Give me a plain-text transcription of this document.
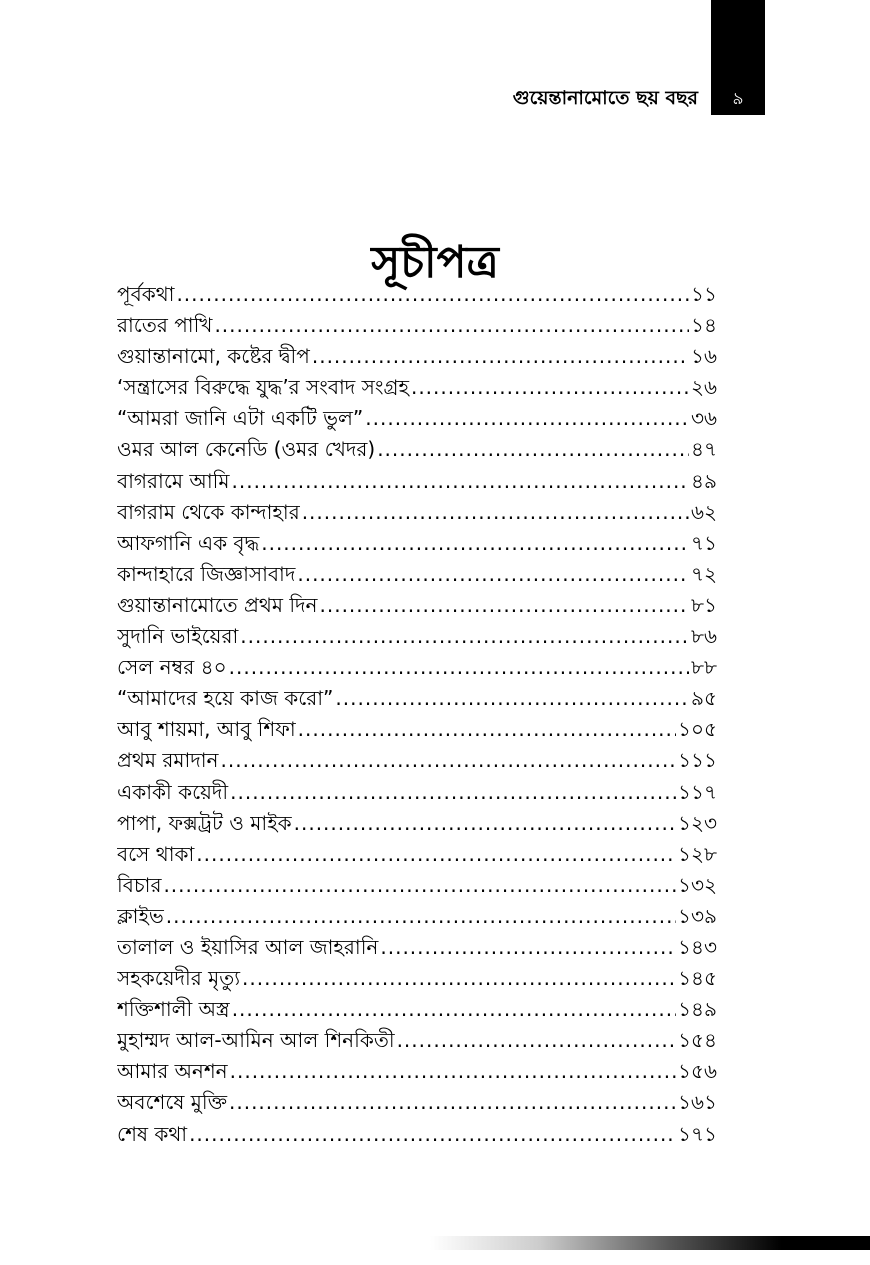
গুয়েন্তানামোতে ছয় বছর	৯
সূচীপত্র
পূর্বকথা .....	১১
রাতের পাখি .....	১৪
গুয়ান্তানামো, কষ্টের দ্বীপ .....	১৬
‘সন্ত্রাসের বিরুদ্ধে যুদ্ধ’র সংবাদ সংগ্রহ .....	২৬
“আমরা জানি এটা একটি ভুল” .....	৩৬
ওমর আল কেনেডি (ওমর খেদর) .....	৪৭
বাগরামে আমি .....	৪৯
বাগরাম থেকে কান্দাহার .....	৬২
আফগানি এক বৃদ্ধ .....	৭১
কান্দাহারে জিজ্ঞাসাবাদ .....	৭২
গুয়ান্তানামোতে প্রথম দিন .....	৮১
সুদানি ভাইয়েরা .....	৮৬
সেল নম্বর ৪০ .....	৮৮
“আমাদের হয়ে কাজ করো” .....	৯৫
আবু শায়মা, আবু শিফা .....	১০৫
প্রথম রমাদান .....	১১১
একাকী কয়েদী .....	১১৭
পাপা, ফক্সট্রট ও মাইক .....	১২৩
বসে থাকা .....	১২৮
বিচার .....	১৩২
ক্লাইভ .....	১৩৯
তালাল ও ইয়াসির আল জাহরানি .....	১৪৩
সহকয়েদীর মৃত্যু .....	১৪৫
শক্তিশালী অস্ত্র .....	১৪৯
মুহাম্মদ আল-আমিন আল শিনকিতী .....	১৫৪
আমার অনশন .....	১৫৬
অবশেষে মুক্তি .....	১৬১
শেষ কথা .....	১৭১
